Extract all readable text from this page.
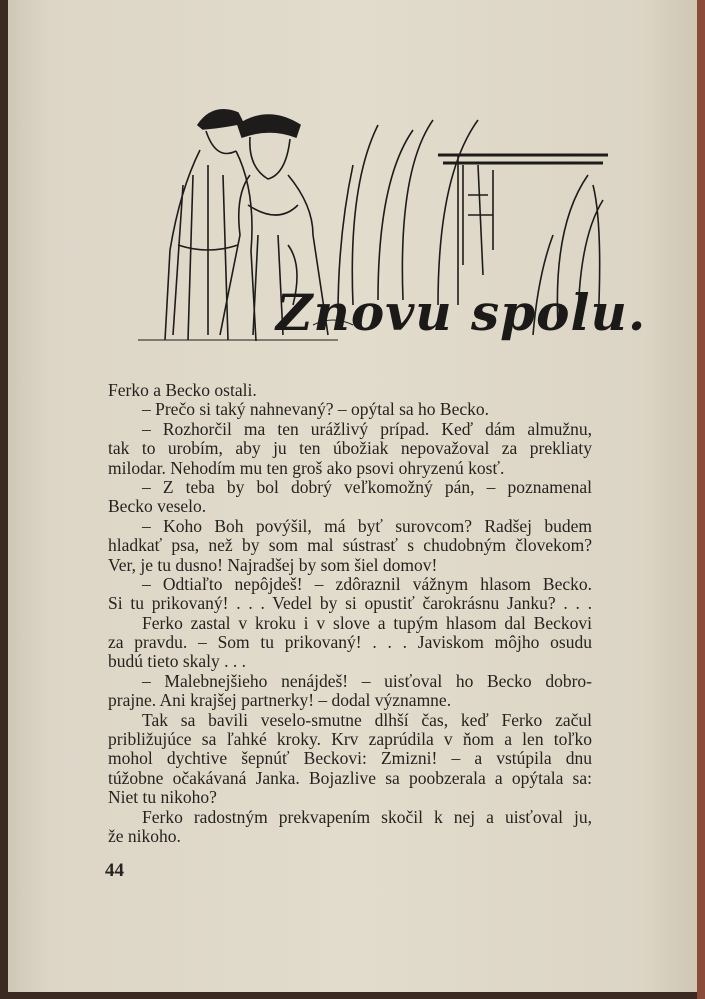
Znovu spolu.
Ferko a Becko ostali.
– Prečo si taký nahnevaný? – opýtal sa ho Becko.
– Rozhorčil ma ten urážlivý prípad. Keď dám almužnu,
tak to urobím, aby ju ten úbožiak nepovažoval za prekliaty
milodar. Nehodím mu ten groš ako psovi ohryzenú kosť.
– Z teba by bol dobrý veľkomožný pán, – poznamenal
Becko veselo.
– Koho Boh povýšil, má byť surovcom? Radšej budem
hladkať psa, než by som mal sústrasť s chudobným človekom?
Ver, je tu dusno! Najradšej by som šiel domov!
– Odtiaľto nepôjdeš! – zdôraznil vážnym hlasom Becko.
Si tu prikovaný! . . . Vedel by si opustiť čarokrásnu Janku? . . .
Ferko zastal v kroku i v slove a tupým hlasom dal Beckovi
za pravdu. – Som tu prikovaný! . . . Javiskom môjho osudu
budú tieto skaly . . .
– Malebnejšieho nenájdeš! – uisťoval ho Becko dobro-
prajne. Ani krajšej partnerky! – dodal významne.
Tak sa bavili veselo-smutne dlhší čas, keď Ferko začul
približujúce sa ľahké kroky. Krv zaprúdila v ňom a len toľko
mohol dychtive šepnúť Beckovi: Zmizni! – a vstúpila dnu
túžobne očakávaná Janka. Bojazlive sa poobzerala a opýtala sa:
Niet tu nikoho?
Ferko radostným prekvapením skočil k nej a uisťoval ju,
že nikoho.
44
